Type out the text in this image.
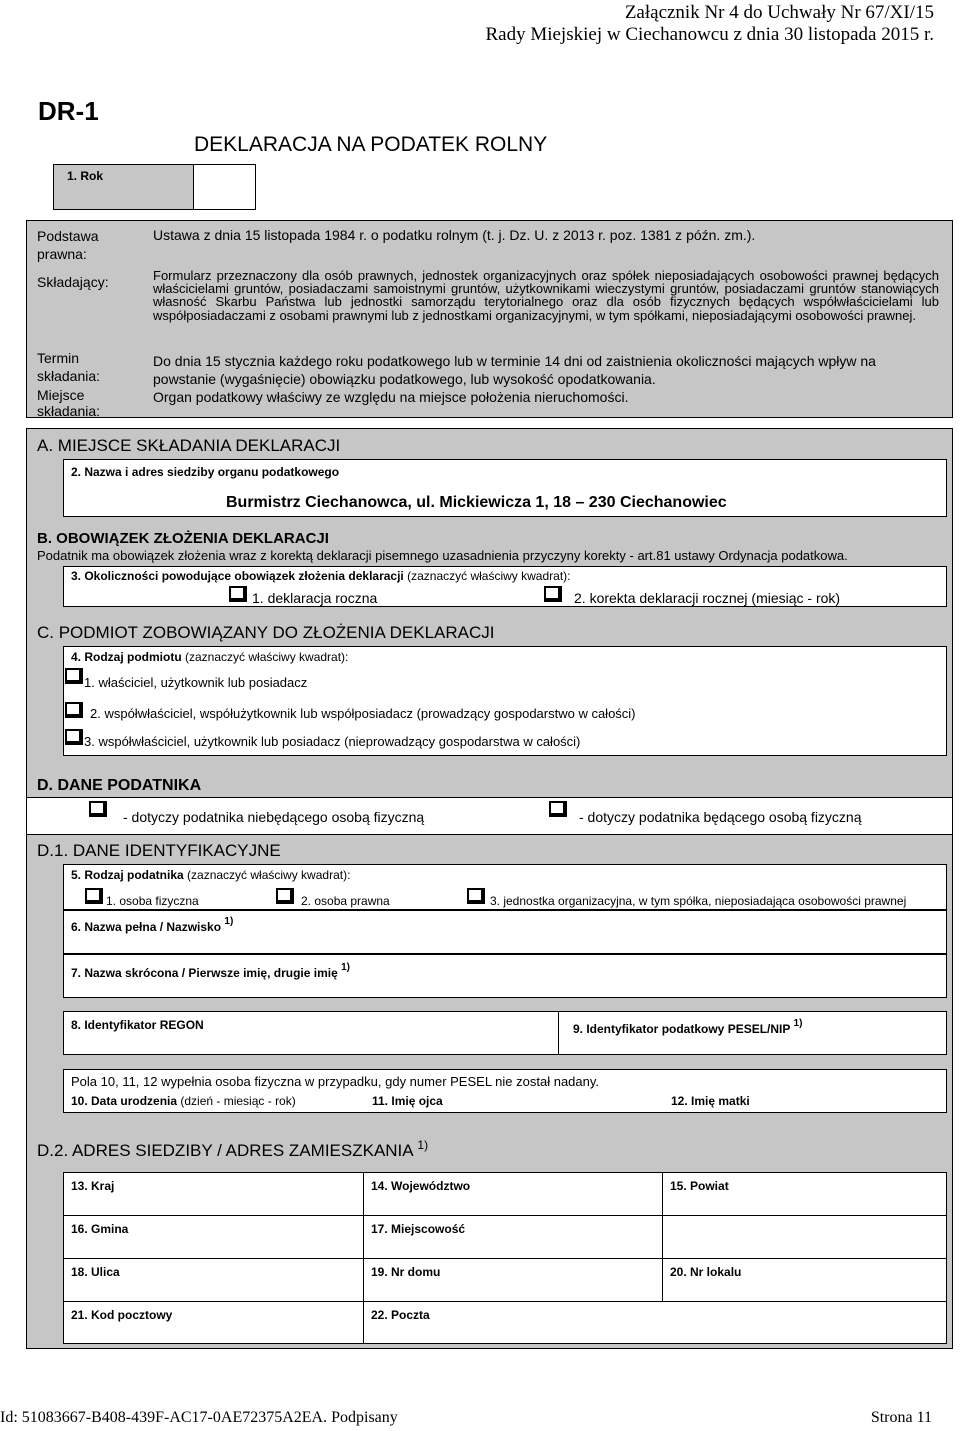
Załącznik Nr 4 do Uchwały Nr 67/XI/15
Rady Miejskiej w Ciechanowcu z dnia 30 listopada 2015 r.
DR-1
DEKLARACJA NA PODATEK ROLNY
1. Rok
Podstawa prawna:
Ustawa z dnia 15 listopada 1984 r. o podatku rolnym (t. j. Dz. U. z 2013 r. poz. 1381 z późn. zm.).
Składający:	Formularz przeznaczony dla osób prawnych, jednostek organizacyjnych oraz spółek nieposiadających osobowości prawnej będących właścicielami gruntów, posiadaczami samoistnymi gruntów, użytkownikami wieczystymi gruntów, posiadaczami gruntów stanowiących własność Skarbu Państwa lub jednostki samorządu terytorialnego oraz dla osób fizycznych będących współwłaścicielami lub współposiadaczami z osobami prawnymi lub z jednostkami organizacyjnymi, w tym spółkami, nieposiadającymi osobowości prawnej.
Termin składania:
Do dnia 15 stycznia każdego roku podatkowego lub w terminie 14 dni od zaistnienia okoliczności mających wpływ na powstanie (wygaśnięcie) obowiązku podatkowego, lub wysokość opodatkowania.
Miejsce składania:
Organ podatkowy właściwy ze względu na miejsce położenia nieruchomości.
A. MIEJSCE SKŁADANIA DEKLARACJI
2. Nazwa i adres siedziby organu podatkowego
Burmistrz Ciechanowca, ul. Mickiewicza 1, 18 – 230 Ciechanowiec
B. OBOWIĄZEK ZŁOŻENIA DEKLARACJI
Podatnik ma obowiązek złożenia wraz z korektą deklaracji pisemnego uzasadnienia przyczyny korekty - art.81 ustawy Ordynacja podatkowa.
3. Okoliczności powodujące obowiązek złożenia deklaracji (zaznaczyć właściwy kwadrat):
1. deklaracja roczna	2. korekta deklaracji rocznej (miesiąc - rok)
C. PODMIOT ZOBOWIĄZANY DO ZŁOŻENIA DEKLARACJI
4. Rodzaj podmiotu (zaznaczyć właściwy kwadrat):
1. właściciel, użytkownik lub posiadacz
2. współwłaściciel, współużytkownik lub współposiadacz (prowadzący gospodarstwo w całości)
3. współwłaściciel, użytkownik lub posiadacz (nieprowadzący gospodarstwa w całości)
D. DANE PODATNIKA
- dotyczy podatnika niebędącego osobą fizyczną	- dotyczy podatnika będącego osobą fizyczną
D.1. DANE IDENTYFIKACYJNE
5. Rodzaj podatnika (zaznaczyć właściwy kwadrat):
1. osoba fizyczna	2. osoba prawna	3. jednostka organizacyjna, w tym spółka, nieposiadająca osobowości prawnej
6. Nazwa pełna / Nazwisko $^{1)}$
7. Nazwa skrócona / Pierwsze imię, drugie imię $^{1)}$
8. Identyfikator REGON	9. Identyfikator podatkowy PESEL/NIP $^{1)}$
Pola 10, 11, 12 wypełnia osoba fizyczna w przypadku, gdy numer PESEL nie został nadany.
10. Data urodzenia (dzień - miesiąc - rok)	11. Imię ojca	12. Imię matki
D.2. ADRES SIEDZIBY / ADRES ZAMIESZKANIA $^{1)}$
13. Kraj	14. Województwo	15. Powiat
16. Gmina	17. Miejscowość
18. Ulica	19. Nr domu	20. Nr lokalu
21. Kod pocztowy	22. Poczta
Id: 51083667-B408-439F-AC17-0AE72375A2EA. Podpisany	Strona 11
